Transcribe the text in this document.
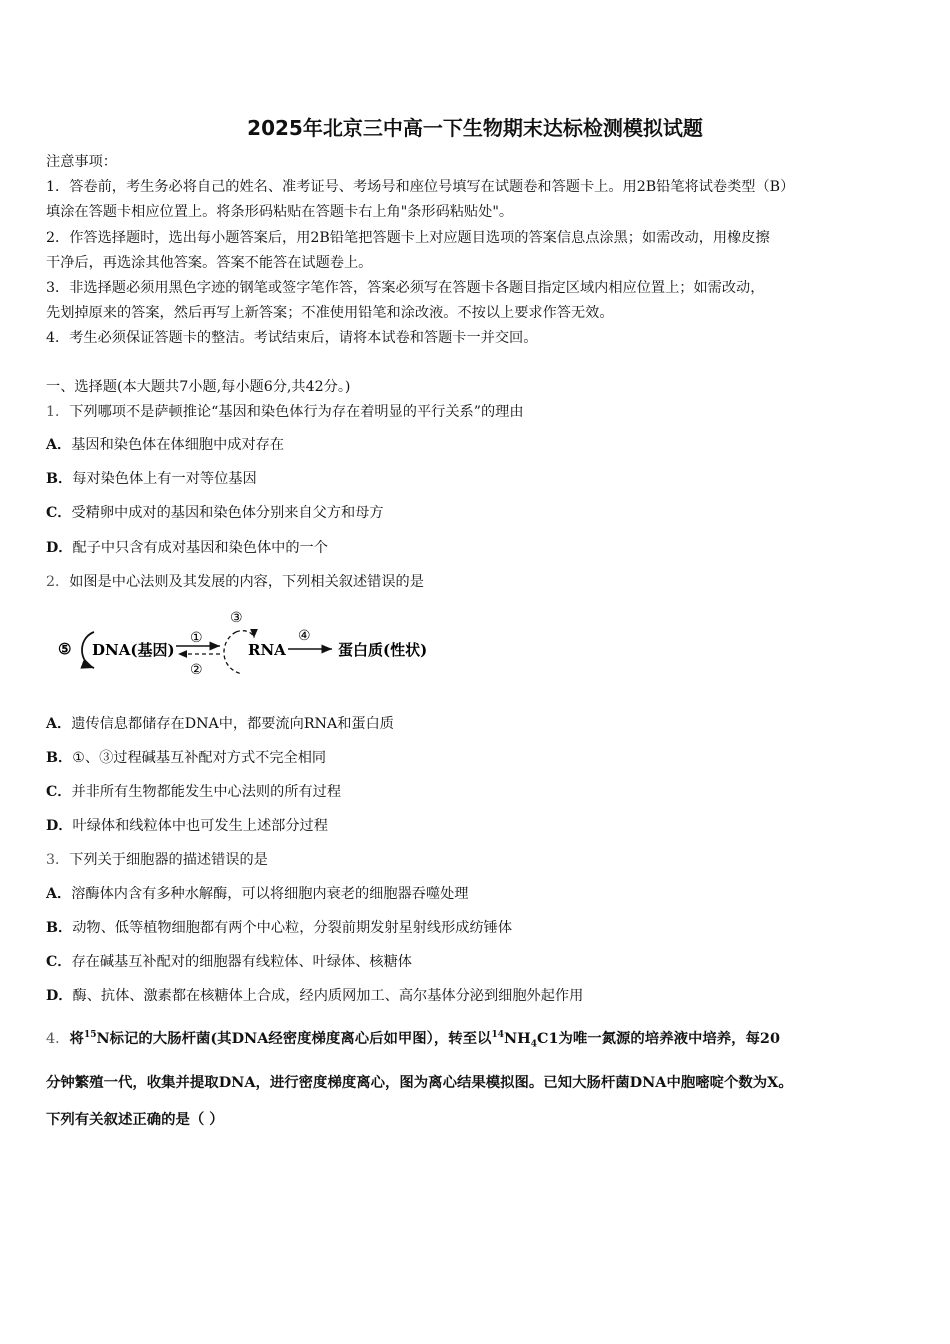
2025年北京三中高一下生物期末达标检测模拟试题

注意事项：

1．答卷前，考生务必将自己的姓名、准考证号、考场号和座位号填写在试题卷和答题卡上。用2B铅笔将试卷类型（B）

填涂在答题卡相应位置上。将条形码粘贴在答题卡右上角"条形码粘贴处"。

2．作答选择题时，选出每小题答案后，用2B铅笔把答题卡上对应题目选项的答案信息点涂黑；如需改动，用橡皮擦

干净后，再选涂其他答案。答案不能答在试题卷上。

3．非选择题必须用黑色字迹的钢笔或签字笔作答，答案必须写在答题卡各题目指定区域内相应位置上；如需改动，

先划掉原来的答案，然后再写上新答案；不准使用铅笔和涂改液。不按以上要求作答无效。

4．考生必须保证答题卡的整洁。考试结束后，请将本试卷和答题卡一并交回。

一、选择题(本大题共7小题,每小题6分,共42分。)
1．下列哪项不是萨顿推论“基因和染色体行为存在着明显的平行关系”的理由
A．基因和染色体在体细胞中成对存在
B．每对染色体上有一对等位基因
C．受精卵中成对的基因和染色体分别来自父方和母方
D．配子中只含有成对基因和染色体中的一个
2．如图是中心法则及其发展的内容，下列相关叙述错误的是
⑤ DNA(基因)
①
②
③
RNA
④
蛋白质(性状)
A．遗传信息都储存在DNA中，都要流向RNA和蛋白质
B．①、③过程碱基互补配对方式不完全相同
C．并非所有生物都能发生中心法则的所有过程
D．叶绿体和线粒体中也可发生上述部分过程
3．下列关于细胞器的描述错误的是
A．溶酶体内含有多种水解酶，可以将细胞内衰老的细胞器吞噬处理
B．动物、低等植物细胞都有两个中心粒，分裂前期发射星射线形成纺锤体
C．存在碱基互补配对的细胞器有线粒体、叶绿体、核糖体
D．酶、抗体、激素都在核糖体上合成，经内质网加工、高尔基体分泌到细胞外起作用
4．将$^{15}$N标记的大肠杆菌(其DNA经密度梯度离心后如甲图），转至以$^{14}NH_4C1$为唯一氮源的培养液中培养，每20
分钟繁殖一代，收集并提取DNA，进行密度梯度离心，图为离心结果模拟图。已知大肠杆菌DNA中胞嘧啶个数为X。
下列有关叙述正确的是（ ）
